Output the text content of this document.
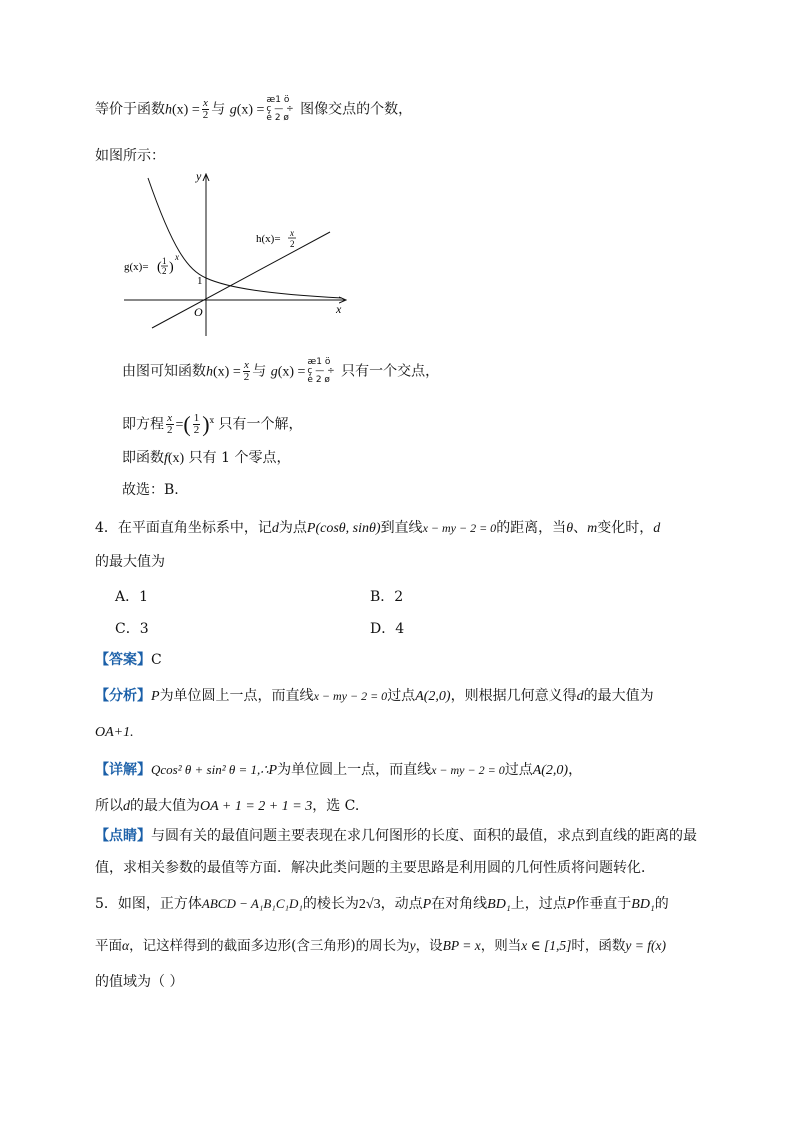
等价于函数$h(x) = \frac{x}{2}$ 与 g(x) =
æ1 ö
ç — ÷
è 2 ø
图像交点的个数，
如图所示：
y
x
O
1
g(x)= ( 1
2 )
x
h(x)= x
2
由图可知函数$h(x) = \frac{x}{2}$ 与 g(x) =
æ1 ö
ç — ÷
è 2 ø
只有一个交点，
即方程 $\frac{x}{2}$ =( $\frac{1}{2} )^x$ 只有一个解，
即函数f(x) 只有 1 个零点，
故选：B.
4．在平面直角坐标系中，记d为点P(cosθ, sinθ)到直线x − my − 2 = 0的距离，当θ、m变化时，d
的最大值为
A．1	B．2
C．3	D．4
【答案】C
【分析】P为单位圆上一点，而直线x − my − 2 = 0过点A(2,0)，则根据几何意义得d的最大值为
OA+1.
【详解】Qcos² θ + sin² θ = 1,∴P为单位圆上一点，而直线x − my − 2 = 0过点A(2,0)，
所以d的最大值为OA + 1 = 2 + 1 = 3，选 C.
【点睛】与圆有关的最值问题主要表现在求几何图形的长度、面积的最值，求点到直线的距离的最
值，求相关参数的最值等方面．解决此类问题的主要思路是利用圆的几何性质将问题转化．
5．如图，正方体ABCD − A₁B₁C₁D₁的棱长为2√3，动点P在对角线BD₁上，过点P作垂直于BD₁的
平面α，记这样得到的截面多边形(含三角形)的周长为y，设BP = x，则当x ∈ [1,5]时，函数y = f(x)
的值域为（ ）
